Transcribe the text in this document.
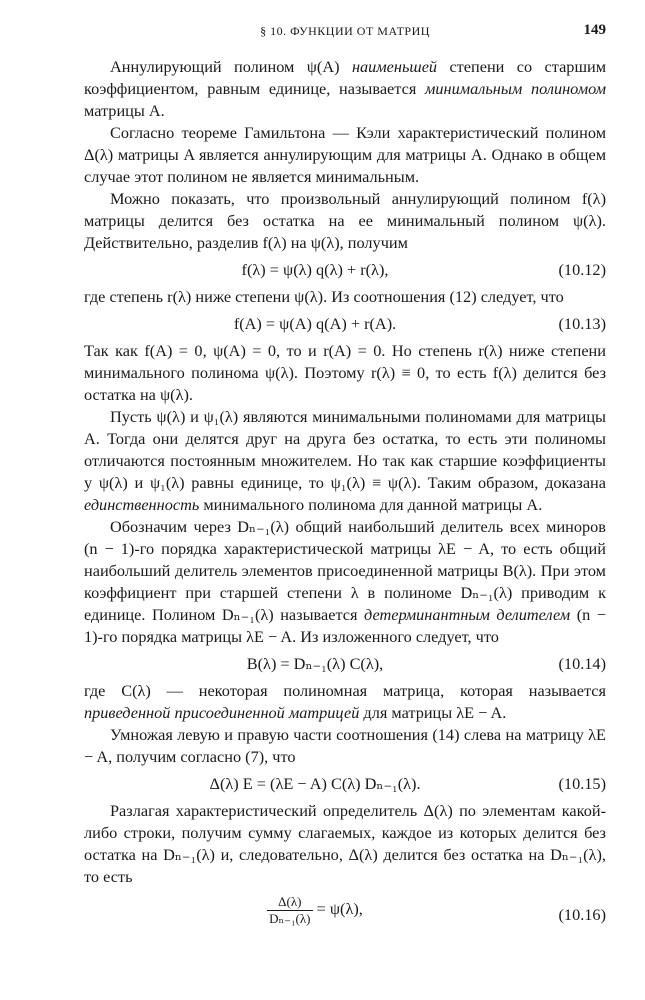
§ 10. ФУНКЦИИ ОТ МАТРИЦ	149

Аннулирующий полином ψ(A) наименьшей степени со старшим коэффициентом, равным единице, называется минимальным полиномом матрицы A.

Согласно теореме Гамильтона — Кэли характеристический полином Δ(λ) матрицы A является аннулирующим для матрицы A. Однако в общем случае этот полином не является минимальным.

Можно показать, что произвольный аннулирующий полином f(λ) матрицы делится без остатка на ее минимальный полином ψ(λ). Действительно, разделив f(λ) на ψ(λ), получим

f(λ) = ψ(λ) q(λ) + r(λ),	(10.12)

где степень r(λ) ниже степени ψ(λ). Из соотношения (12) следует, что

f(A) = ψ(A) q(A) + r(A).	(10.13)

Так как f(A) = 0, ψ(A) = 0, то и r(A) = 0. Но степень r(λ) ниже степени минимального полинома ψ(λ). Поэтому r(λ) ≡ 0, то есть f(λ) делится без остатка на ψ(λ).

Пусть ψ(λ) и ψ₁(λ) являются минимальными полиномами для матрицы A. Тогда они делятся друг на друга без остатка, то есть эти полиномы отличаются постоянным множителем. Но так как старшие коэффициенты у ψ(λ) и ψ₁(λ) равны единице, то ψ₁(λ) ≡ ψ(λ). Таким образом, доказана единственность минимального полинома для данной матрицы A.

Обозначим через Dₙ₋₁(λ) общий наибольший делитель всех миноров (n − 1)-го порядка характеристической матрицы λE − A, то есть общий наибольший делитель элементов присоединенной матрицы B(λ). При этом коэффициент при старшей степени λ в полиноме Dₙ₋₁(λ) приводим к единице. Полином Dₙ₋₁(λ) называется детерминантным делителем (n − 1)-го порядка матрицы λE − A. Из изложенного следует, что

B(λ) = Dₙ₋₁(λ) C(λ),	(10.14)

где C(λ) — некоторая полиномная матрица, которая называется приведенной присоединенной матрицей для матрицы λE − A.

Умножая левую и правую части соотношения (14) слева на матрицу λE − A, получим согласно (7), что

Δ(λ) E = (λE − A) C(λ) Dₙ₋₁(λ).	(10.15)

Разлагая характеристический определитель Δ(λ) по элементам какой-либо строки, получим сумму слагаемых, каждое из которых делится без остатка на Dₙ₋₁(λ) и, следовательно, Δ(λ) делится без остатка на Dₙ₋₁(λ), то есть

$\frac{\Delta(\lambda)}{\text{Dₙ₋₁(λ)}} = \psi(\lambda)$,	(10.16)
